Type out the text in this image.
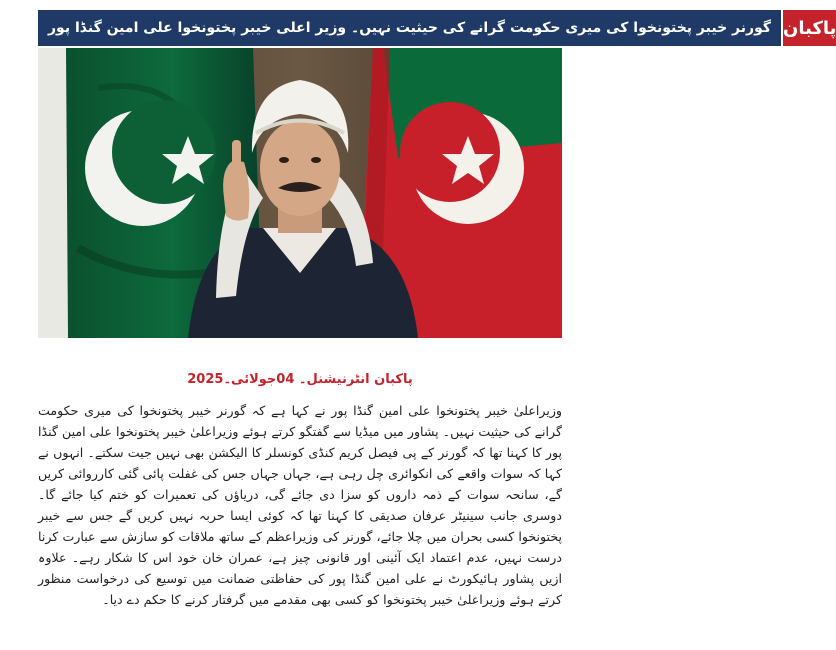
گورنر خیبر پختونخوا کی میری حکومت گرانے کی حیثیت نہیں۔ وزیر اعلی خیبر پختونخوا علی امین گنڈا پور پاکبان
پاکبان انٹرنیشنل۔ 04جولائی۔2025

وزیراعلیٰ خیبر پختونخوا علی امین گنڈا پور نے کہا ہے کہ گورنر خیبر پختونخوا کی میری حکومت گرانے کی حیثیت نہیں۔ پشاور میں میڈیا سے گفتگو کرتے ہوئے وزیراعلیٰ خیبر پختونخوا علی امین گنڈا پور کا کہنا تھا کہ گورنر کے پی فیصل کریم کنڈی کونسلر کا الیکشن بھی نہیں جیت سکتے۔ انہوں نے کہا کہ سوات واقعے کی انکوائری چل رہی ہے، جہاں جہاں جس کی غفلت پائی گئی کارروائی کریں گے، سانحہ سوات کے ذمہ داروں کو سزا دی جائے گی، دریاؤں کی تعمیرات کو ختم کیا جائے گا۔ دوسری جانب سینیٹر عرفان صدیقی کا کہنا تھا کہ کوئی ایسا حربہ نہیں کریں گے جس سے خیبر پختونخوا کسی بحران میں چلا جائے، گورنر کی وزیراعظم کے ساتھ ملاقات کو سازش سے عبارت کرنا درست نہیں، عدم اعتماد ایک آئینی اور قانونی چیز ہے، عمران خان خود اس کا شکار رہے۔ علاوہ ازیں پشاور ہائیکورٹ نے علی امین گنڈا پور کی حفاظتی ضمانت میں توسیع کی درخواست منظور کرتے ہوئے وزیراعلیٰ خیبر پختونخوا کو کسی بھی مقدمے میں گرفتار کرنے کا حکم دے دیا۔
